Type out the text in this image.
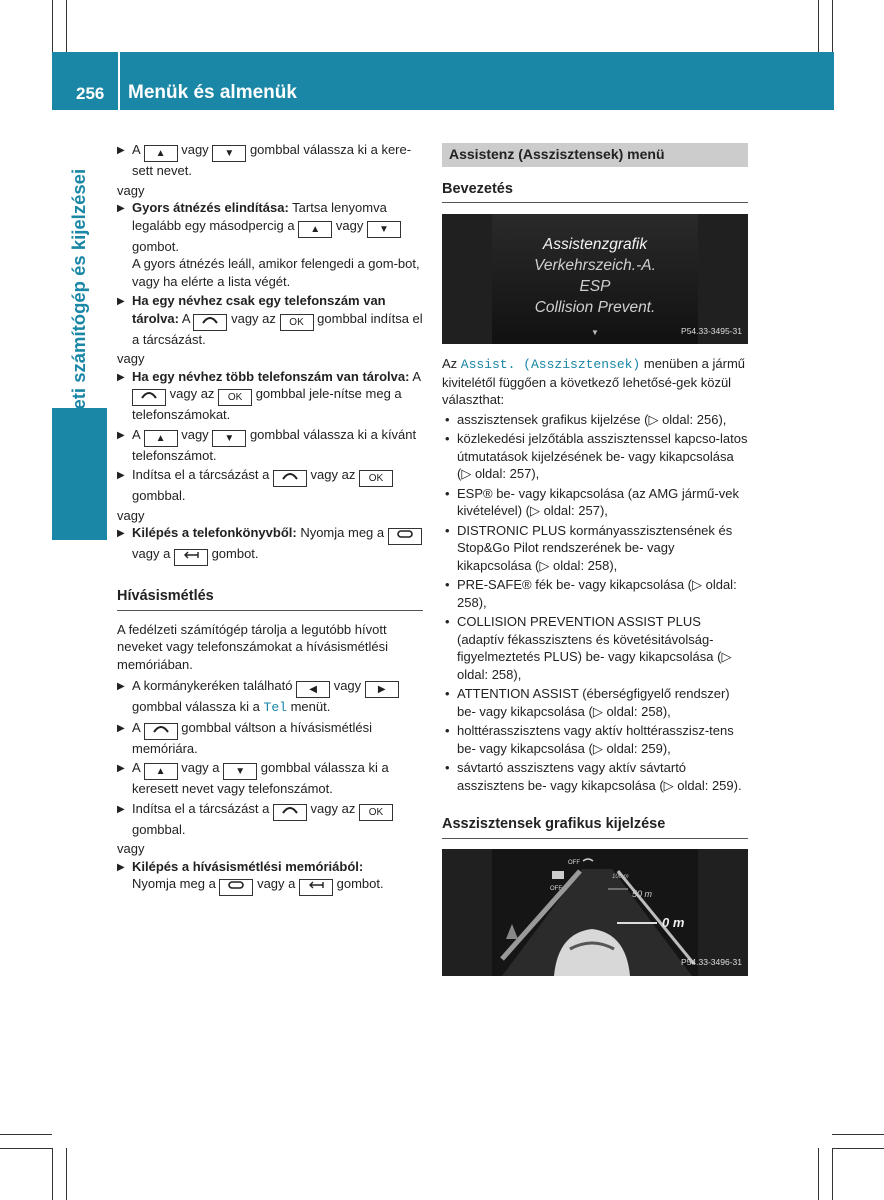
256 Menük és almenük
Fedélzeti számítógép és kijelzései
▶ A ▲ vagy ▼ gombbal válassza ki a kere-sett nevet.

vagy

▶ Gyors átnézés elindítása: Tartsa lenyomva legalább egy másodpercig a ▲ vagy ▼
gombot.
A gyors átnézés leáll, amikor felengedi a gom-bot, vagy ha elérte a lista végét.
▶ Ha egy névhez csak egy telefonszám van tárolva: A	vagy az OK gombbal indítsa el a tárcsázást.

vagy

▶ Ha egy névhez több telefonszám van tárolva: A  vagy az OK gombbal jele-nítse meg a telefonszámokat.
▶ A ▲ vagy ▼ gombbal válassza ki a kívánt telefonszámot.
▶ Indítsa el a tárcsázást a	vagy az OK gombbal.

vagy

▶ Kilépés a telefonkönyvből: Nyomja meg a  vagy a	gombot.
Hívásismétlés

A fedélzeti számítógép tárolja a legutóbb hívott neveket vagy telefonszámokat a hívásismétlési memóriában.

▶ A kormánykeréken található ◀ vagy ▶ gombbal válassza ki a Tel menüt.
▶ A	gombbal váltson a hívásismétlési memóriára.
▶ A ▲ vagy a ▼ gombbal válassza ki a keresett nevet vagy telefonszámot.
▶ Indítsa el a tárcsázást a	vagy az OK gombbal.

vagy

▶ Kilépés a hívásismétlési memóriából:
Nyomja meg a	vagy a	gombot.
Assistenz (Asszisztensek) menü
Bevezetés
Assistenzgrafik
Verkehrszeich.-A.
ESP
Collision Prevent.
▼	P54.33-3495-31

Az Assist. (Asszisztensek) menüben a jármű kivitelétől függően a következő lehetősé-gek közül választhat:

• asszisztensek grafikus kijelzése (▷ oldal: 256),
• közlekedési jelzőtábla asszisztenssel kapcso-latos útmutatások kijelzésének be- vagy kikapcsolása (▷ oldal: 257),
• ESP® be- vagy kikapcsolása (az AMG jármű-vek kivételével) (▷ oldal: 257),
• DISTRONIC PLUS kormányasszisztensének és Stop&Go Pilot rendszerének be- vagy kikapcsolása (▷ oldal: 258),
• PRE-SAFE® fék be- vagy kikapcsolása (▷ oldal: 258),
• COLLISION PREVENTION ASSIST PLUS (adaptív fékasszisztens és követésitávolság-figyelmeztetés PLUS) be- vagy kikapcsolása (▷ oldal: 258),
• ATTENTION ASSIST (éberségfigyelő rendszer) be- vagy kikapcsolása (▷ oldal: 258),
• holttérasszisztens vagy aktív holttérasszisz-tens be- vagy kikapcsolása (▷ oldal: 259),
• sávtartó asszisztens vagy aktív sávtartó asszisztens be- vagy kikapcsolása (▷ oldal: 259).
Asszisztensek grafikus kijelzése
OFF
OFF
100 m
50 m
0 m
P54.33-3496-31
